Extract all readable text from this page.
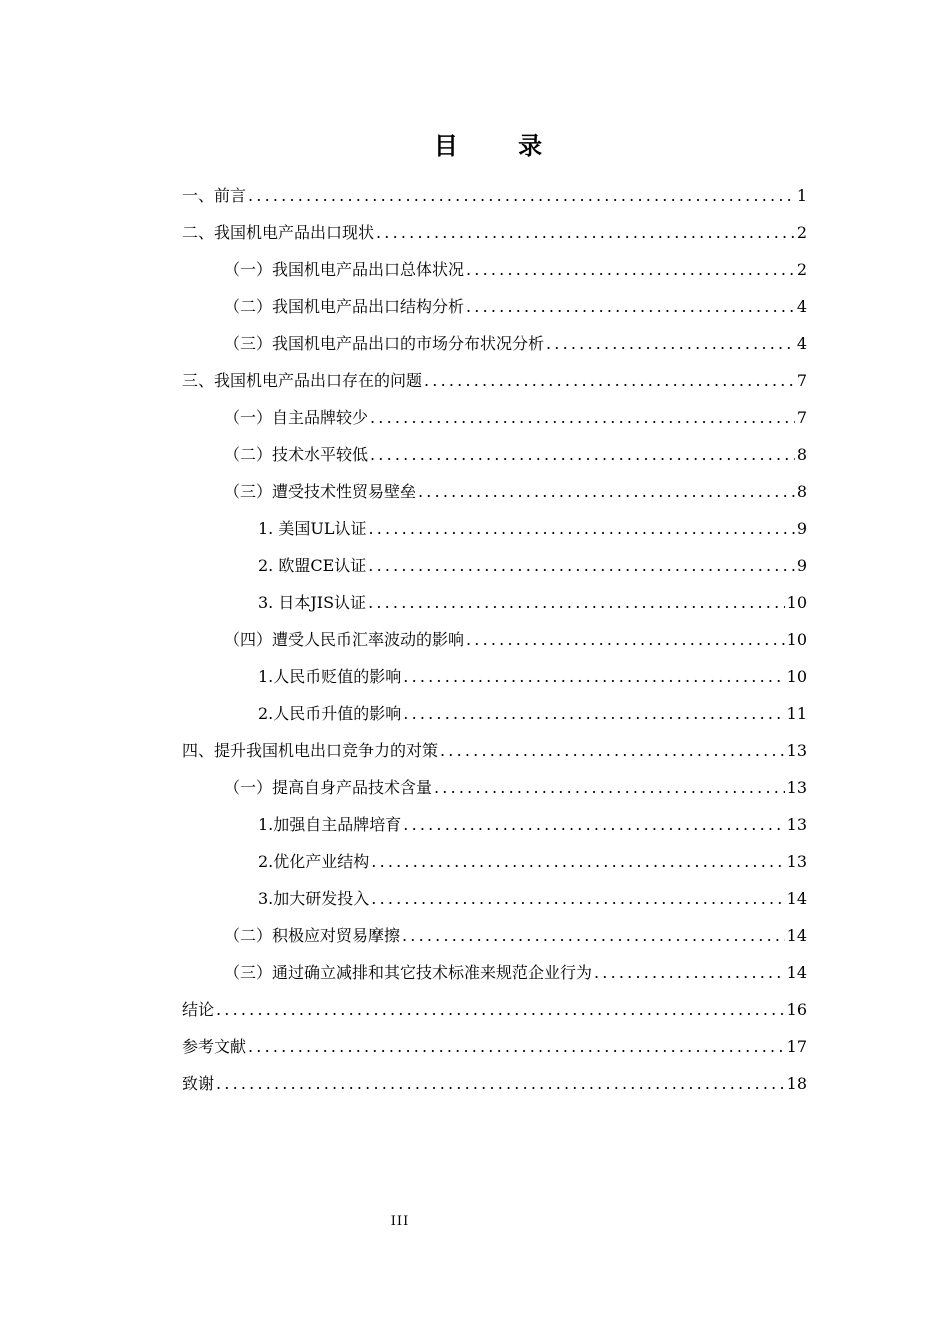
目 录
一、前言 .....	1
二、我国机电产品出口现状 .....	2
（一）我国机电产品出口总体状况 .....	2
（二）我国机电产品出口结构分析 .....	4
（三）我国机电产品出口的市场分布状况分析 .....	4
三、我国机电产品出口存在的问题 .....	7
（一）自主品牌较少 .....	7
（二）技术水平较低 .....	8
（三）遭受技术性贸易壁垒 .....	8
1. 美国UL认证 .....	9
2. 欧盟CE认证 .....	9
3. 日本JIS认证 .....	10
（四）遭受人民币汇率波动的影响 .....	10
1.人民币贬值的影响 .....	10
2.人民币升值的影响 .....	11
四、提升我国机电出口竞争力的对策 .....	13
（一）提高自身产品技术含量 .....	13
1.加强自主品牌培育 .....	13
2.优化产业结构 .....	13
3.加大研发投入 .....	14
（二）积极应对贸易摩擦 .....	14
（三）通过确立减排和其它技术标准来规范企业行为 .....	14
结论 .....	16
参考文献 .....	17
致谢 .....	18
III
